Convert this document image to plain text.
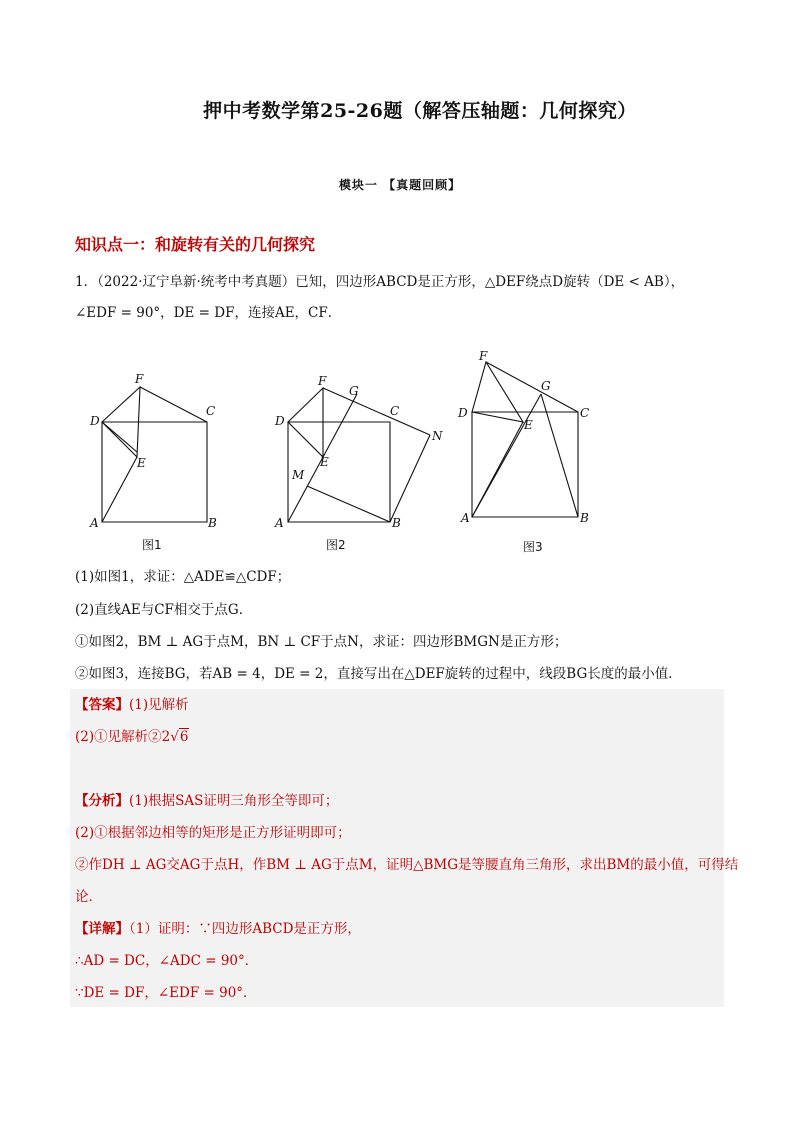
押中考数学第25-26题（解答压轴题：几何探究）
模块一 【真题回顾】
知识点一：和旋转有关的几何探究
1．（2022·辽宁阜新·统考中考真题）已知，四边形ABCD是正方形，△DEF绕点D旋转（DE < AB），
∠EDF = 90°，DE = DF，连接AE，CF．
D
F
C
E
A	B
D
F
G
C
N
E
M
A	B
D
F
G
C
E
A	B
图1	图2	图3
(1)如图1，求证：△ADE≌△CDF；
(2)直线AE与CF相交于点G．
①如图2，BM ⊥ AG于点M，BN ⊥ CF于点N，求证：四边形BMGN是正方形；
②如图3，连接BG，若AB = 4，DE = 2，直接写出在△DEF旋转的过程中，线段BG长度的最小值．
【答案】(1)见解析
(2)①见解析②2√6
【分析】(1)根据SAS证明三角形全等即可；
(2)①根据邻边相等的矩形是正方形证明即可；
②作DH ⊥ AG交AG于点H，作BM ⊥ AG于点M，证明△BMG是等腰直角三角形，求出BM的最小值，可得结
论．
【详解】（1）证明：∵四边形ABCD是正方形，
∴AD = DC，∠ADC = 90°．
∵DE = DF，∠EDF = 90°．
